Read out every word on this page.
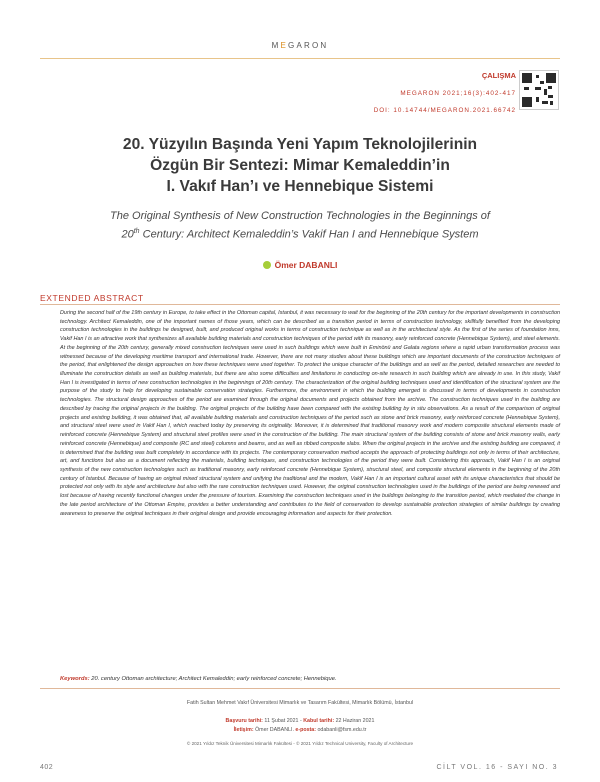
MEGARON
ÇALIŞMA
MEGARON 2021;16(3):402-417
DOI: 10.14744/MEGARON.2021.66742
20. Yüzyılın Başında Yeni Yapım Teknolojilerinin
Özgün Bir Sentezi: Mimar Kemaleddin’in
I. Vakıf Han’ı ve Hennebique Sistemi
The Original Synthesis of New Construction Technologies in the Beginnings of
20th Century: Architect Kemaleddin’s Vakif Han I and Hennebique System
Ömer DABANLI
EXTENDED ABSTRACT
During the second half of the 19th century in Europe, to take effect in the Ottoman capital, Istanbul, it was necessary to wait for the beginning of the 20th century for the important developments in construction technology. Architect Kemaleddin, one of the important names of those years, which can be described as a transition period in terms of construction technology, skillfully benefited from the developing construction technologies in the buildings he designed, built, and produced original works in terms of construction technique as well as in the architectural style. As the first of the series of foundation inns, Vakif Han I is an attractive work that synthesizes all available building materials and construction techniques of the period with its masonry, early reinforced concrete (Hennebique System), and steel elements. At the beginning of the 20th century, generally mixed construction techniques were used in such buildings which were built in Eminönü and Galata regions where a rapid urban transformation process was witnessed because of the developing maritime transport and international trade. However, there are not many studies about these buildings which are important documents of the construction techniques of the period, that enlightened the design approaches on how these techniques were used together. To protect the unique character of the buildings and as well as the period, detailed researches are needed to illuminate the construction details as well as building materials, but there are also some difficulties and limitations in conducting on-site research in such building which are already in use. In this study, Vakif Han I is investigated in terms of new construction technologies in the beginnings of 20th century. The characterization of the original building techniques used and identification of the structural system are the purpose of the study to help for developing sustainable conservation strategies. Furthermore, the environment in which the building emerged is discussed in terms of developments in construction technologies. The structural design approaches of the period are examined through the original documents and projects obtained from the archive. The construction techniques used in the building are described by tracing the original projects in the building. The original projects of the building have been compared with the existing building by in situ observations. As a result of the comparison of original projects and existing building, it was obtained that, all available building materials and construction techniques of the period such as stone and brick masonry, early reinforced concrete (Hennebique System), and structural steel were used in Vakif Han I, which reached today by preserving its originality. Moreover, it is determined that traditional masonry work and modern composite structural elements made of reinforced concrete (Hennebique System) and structural steel profiles were used in the construction of the building. The main structural system of the building consists of stone and brick masonry walls, early reinforced concrete (Hennebique) and composite (RC and steel) columns and beams, and as well as ribbed composite slabs. When the original projects in the archive and the existing building are compared, it is determined that the building was built completely in accordance with its projects. The contemporary conservation method accepts the approach of protecting buildings not only in terms of their architecture, art, and functions but also as a document reflecting the materials, building techniques, and construction technologies of the period they were built. Considering this approach, Vakif Han I is an original synthesis of the new construction technologies such as traditional masonry, early reinforced concrete (Hennebique System), structural steel, and composite structural elements in the beginning of the 20th century of Istanbul. Because of having an original mixed structural system and unifying the traditional and the modern, Vakif Han I is an important cultural asset with its unique characteristics that should be protected not only with its style and architecture but also with the rare construction techniques used. However, the original construction technologies used in the buildings of the period are being renewed and lost because of having recently functional changes under the pressure of tourism. Examining the construction techniques used in the buildings belonging to the transition period, which mediated the change in the late period architecture of the Ottoman Empire, provides a better understanding and contributes to the field of conservation to develop sustainable protection strategies of similar buildings by creating awareness to preserve the original techniques in their original design and provide encouraging information and aspects for their protection.
Keywords: 20. century Ottoman architecture; Architect Kemaleddin; early reinforced concrete; Hennebique.
Fatih Sultan Mehmet Vakıf Üniversitesi Mimarlık ve Tasarım Fakültesi, Mimarlık Bölümü, İstanbul
Başvuru tarihi: 11 Şubat 2021 - Kabul tarihi: 22 Haziran 2021
İletişim: Ömer DABANLI. e-posta: odabanli@fsm.edu.tr
© 2021 Yıldız Teknik Üniversitesi Mimarlık Fakültesi - © 2021 Yıldız Technical University, Faculty of Architecture
402	CİLT VOL. 16 - SAYI NO. 3
